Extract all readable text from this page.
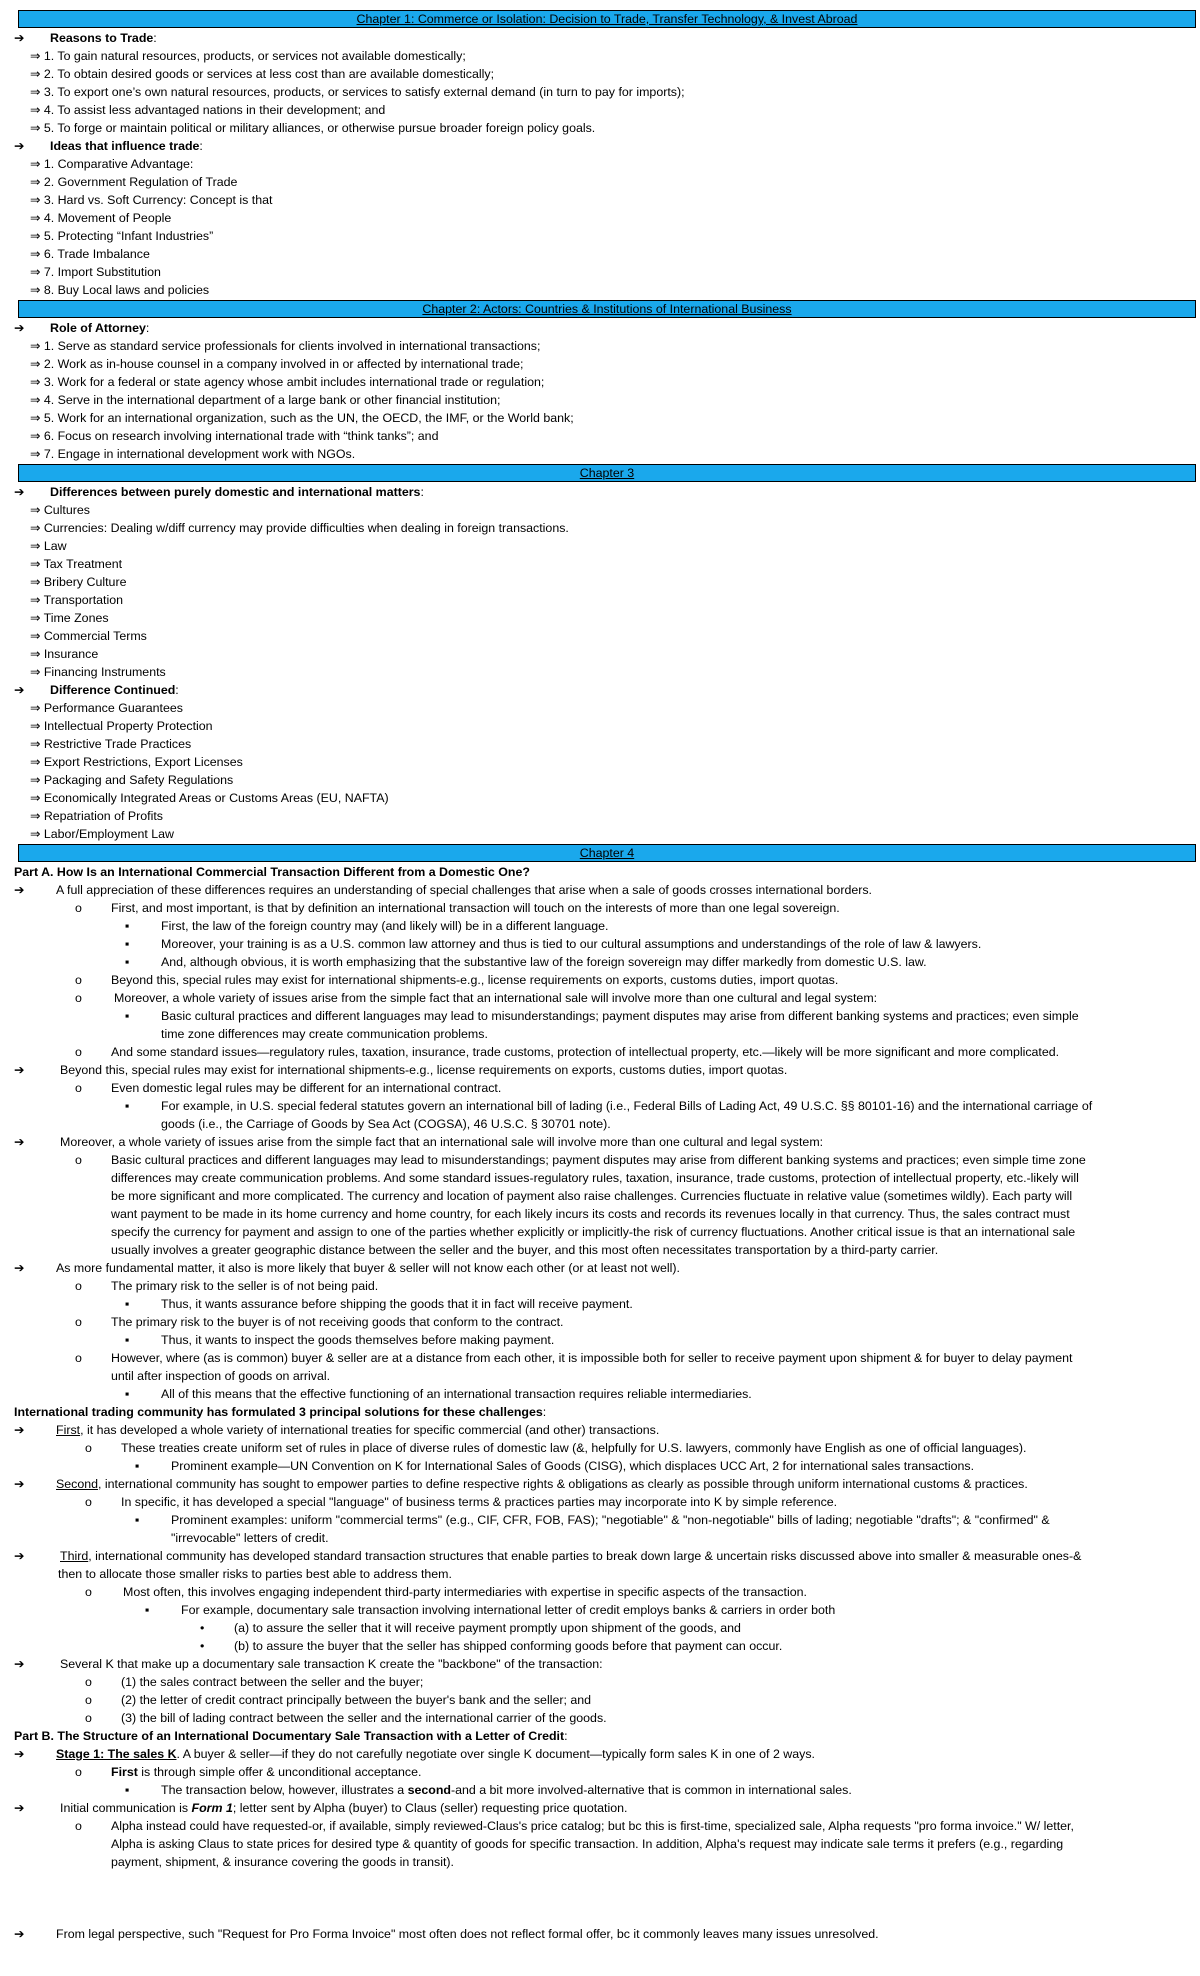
Chapter 1: Commerce or Isolation: Decision to Trade, Transfer Technology, & Invest Abroad
➔ Reasons to Trade:
⇒ 1. To gain natural resources, products, or services not available domestically;
⇒ 2. To obtain desired goods or services at less cost than are available domestically;
⇒ 3. To export one’s own natural resources, products, or services to satisfy external demand (in turn to pay for imports);
⇒ 4. To assist less advantaged nations in their development; and
⇒ 5. To forge or maintain political or military alliances, or otherwise pursue broader foreign policy goals.
➔ Ideas that influence trade:
⇒ 1. Comparative Advantage:
⇒ 2. Government Regulation of Trade
⇒ 3. Hard vs. Soft Currency: Concept is that
⇒ 4. Movement of People
⇒ 5. Protecting “Infant Industries”
⇒ 6. Trade Imbalance
⇒ 7. Import Substitution
⇒ 8. Buy Local laws and policies
Chapter 2: Actors: Countries & Institutions of International Business
➔ Role of Attorney:
⇒ 1. Serve as standard service professionals for clients involved in international transactions;
⇒ 2. Work as in-house counsel in a company involved in or affected by international trade;
⇒ 3. Work for a federal or state agency whose ambit includes international trade or regulation;
⇒ 4. Serve in the international department of a large bank or other financial institution;
⇒ 5. Work for an international organization, such as the UN, the OECD, the IMF, or the World bank;
⇒ 6. Focus on research involving international trade with “think tanks”; and
⇒ 7. Engage in international development work with NGOs.
Chapter 3
➔ Differences between purely domestic and international matters:
⇒ Cultures
⇒ Currencies: Dealing w/diff currency may provide difficulties when dealing in foreign transactions.
⇒ Law
⇒ Tax Treatment
⇒ Bribery Culture
⇒ Transportation
⇒ Time Zones
⇒ Commercial Terms
⇒ Insurance
⇒ Financing Instruments
➔ Difference Continued:
⇒ Performance Guarantees
⇒ Intellectual Property Protection
⇒ Restrictive Trade Practices
⇒ Export Restrictions, Export Licenses
⇒ Packaging and Safety Regulations
⇒ Economically Integrated Areas or Customs Areas (EU, NAFTA)
⇒ Repatriation of Profits
⇒ Labor/Employment Law
Chapter 4
Part A. How Is an International Commercial Transaction Different from a Domestic One?
➔	A full appreciation of these differences requires an understanding of special challenges that arise when a sale of goods crosses international borders.
o First, and most important, is that by definition an international transaction will touch on the interests of more than one legal sovereign.
▪	First, the law of the foreign country may (and likely will) be in a different language.
▪	Moreover, your training is as a U.S. common law attorney and thus is tied to our cultural assumptions and understandings of the role of law & lawyers.
▪	And, although obvious, it is worth emphasizing that the substantive law of the foreign sovereign may differ markedly from domestic U.S. law.
o Beyond this, special rules may exist for international shipments-e.g., license requirements on exports, customs duties, import quotas.
o	Moreover, a whole variety of issues arise from the simple fact that an international sale will involve more than one cultural and legal system:
▪	Basic cultural practices and different languages may lead to misunderstandings; payment disputes may arise from different banking systems and practices; even simple
time zone differences may create communication problems.
o And some standard issues—regulatory rules, taxation, insurance, trade customs, protection of intellectual property, etc.—likely will be more significant and more complicated.
➔	Beyond this, special rules may exist for international shipments-e.g., license requirements on exports, customs duties, import quotas.
o Even domestic legal rules may be different for an international contract.
▪	For example, in U.S. special federal statutes govern an international bill of lading (i.e., Federal Bills of Lading Act, 49 U.S.C. §§ 80101-16) and the international carriage of
goods (i.e., the Carriage of Goods by Sea Act (COGSA), 46 U.S.C. § 30701 note).
➔	Moreover, a whole variety of issues arise from the simple fact that an international sale will involve more than one cultural and legal system:
o Basic cultural practices and different languages may lead to misunderstandings; payment disputes may arise from different banking systems and practices; even simple time zone
differences may create communication problems. And some standard issues-regulatory rules, taxation, insurance, trade customs, protection of intellectual property, etc.-likely will
be more significant and more complicated. The currency and location of payment also raise challenges. Currencies fluctuate in relative value (sometimes wildly). Each party will
want payment to be made in its home currency and home country, for each likely incurs its costs and records its revenues locally in that currency. Thus, the sales contract must
specify the currency for payment and assign to one of the parties whether explicitly or implicitly-the risk of currency fluctuations. Another critical issue is that an international sale
usually involves a greater geographic distance between the seller and the buyer, and this most often necessitates transportation by a third-party carrier.
➔	As more fundamental matter, it also is more likely that buyer & seller will not know each other (or at least not well).
o The primary risk to the seller is of not being paid.
▪	Thus, it wants assurance before shipping the goods that it in fact will receive payment.
o The primary risk to the buyer is of not receiving goods that conform to the contract.
▪	Thus, it wants to inspect the goods themselves before making payment.
o However, where (as is common) buyer & seller are at a distance from each other, it is impossible both for seller to receive payment upon shipment & for buyer to delay payment
until after inspection of goods on arrival.
▪	All of this means that the effective functioning of an international transaction requires reliable intermediaries.
International trading community has formulated 3 principal solutions for these challenges:
➔	First, it has developed a whole variety of international treaties for specific commercial (and other) transactions.
o These treaties create uniform set of rules in place of diverse rules of domestic law (&, helpfully for U.S. lawyers, commonly have English as one of official languages).
▪	Prominent example—UN Convention on K for International Sales of Goods (CISG), which displaces UCC Art, 2 for international sales transactions.
➔	Second, international community has sought to empower parties to define respective rights & obligations as clearly as possible through uniform international customs & practices.
o In specific, it has developed a special "language" of business terms & practices parties may incorporate into K by simple reference.
▪	Prominent examples: uniform "commercial terms" (e.g., CIF, CFR, FOB, FAS); "negotiable" & "non-negotiable" bills of lading; negotiable "drafts"; & "confirmed" &
"irrevocable" letters of credit.
➔	Third, international community has developed standard transaction structures that enable parties to break down large & uncertain risks discussed above into smaller & measurable ones-&
then to allocate those smaller risks to parties best able to address them.
o	Most often, this involves engaging independent third-party intermediaries with expertise in specific aspects of the transaction.
▪	For example, documentary sale transaction involving international letter of credit employs banks & carriers in order both
• (a) to assure the seller that it will receive payment promptly upon shipment of the goods, and
• (b) to assure the buyer that the seller has shipped conforming goods before that payment can occur.
➔	Several K that make up a documentary sale transaction K create the "backbone" of the transaction:
o (1) the sales contract between the seller and the buyer;
o (2) the letter of credit contract principally between the buyer's bank and the seller; and
o (3) the bill of lading contract between the seller and the international carrier of the goods.
Part B. The Structure of an International Documentary Sale Transaction with a Letter of Credit:
➔	Stage 1: The sales K. A buyer & seller—if they do not carefully negotiate over single K document—typically form sales K in one of 2 ways.
o First is through simple offer & unconditional acceptance.
▪	The transaction below, however, illustrates a second-and a bit more involved-alternative that is common in international sales.
➔	Initial communication is Form 1; letter sent by Alpha (buyer) to Claus (seller) requesting price quotation.
o Alpha instead could have requested-or, if available, simply reviewed-Claus's price catalog; but bc this is first-time, specialized sale, Alpha requests "pro forma invoice." W/ letter,
Alpha is asking Claus to state prices for desired type & quantity of goods for specific transaction. In addition, Alpha's request may indicate sale terms it prefers (e.g., regarding
payment, shipment, & insurance covering the goods in transit).
➔	From legal perspective, such "Request for Pro Forma Invoice" most often does not reflect formal offer, bc it commonly leaves many issues unresolved.
